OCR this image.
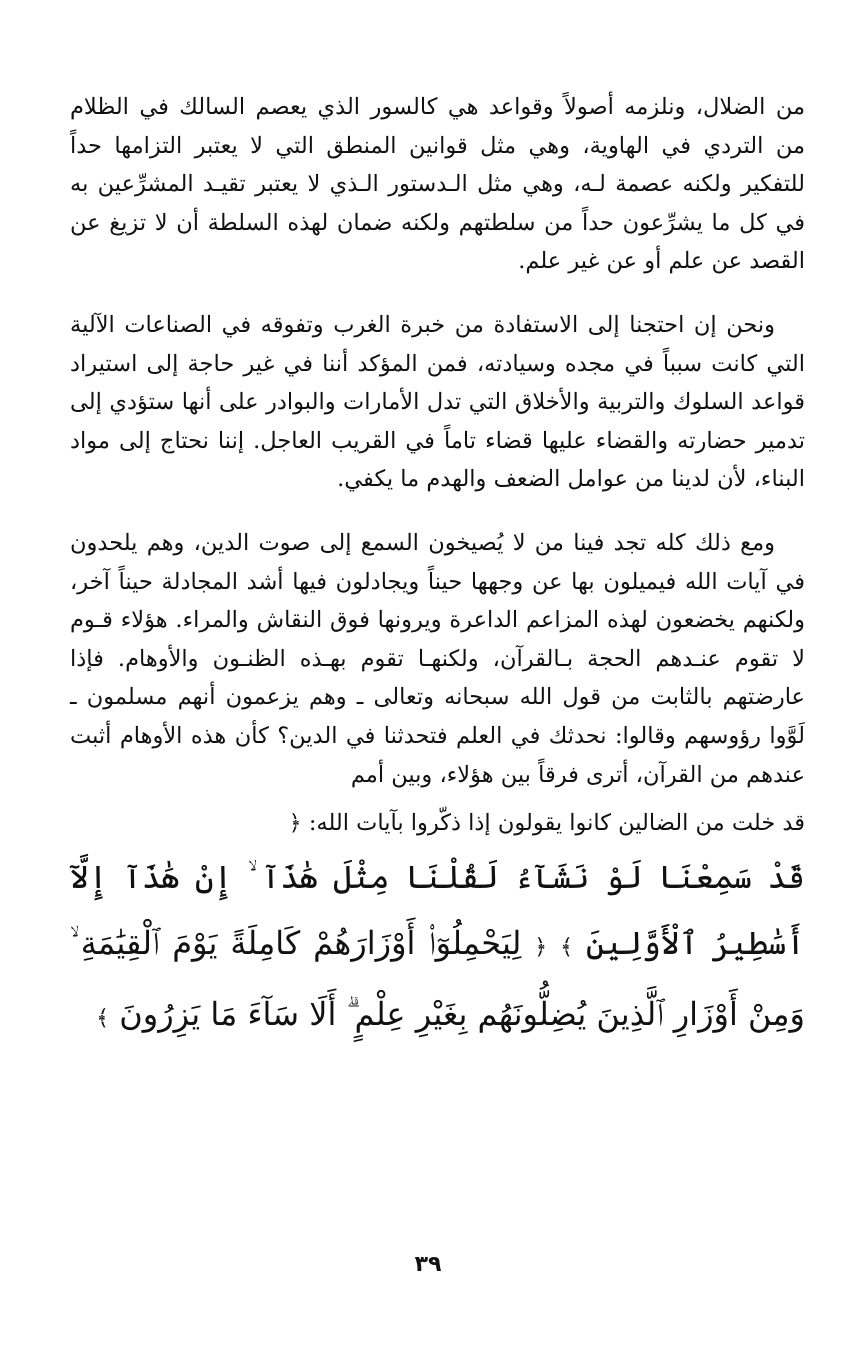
من الضلال، ونلزمه أصولاً وقواعد هي كالسور الذي يعصم السالك في الظلام من التردي في الهاوية، وهي مثل قوانين المنطق التي لا يعتبر التزامها حداً للتفكير ولكنه عصمة لـه، وهي مثل الـدستور الـذي لا يعتبر تقيـد المشرِّعين به في كل ما يشرِّعون حداً من سلطتهم ولكنه ضمان لهذه السلطة أن لا تزيغ عن القصد عن علم أو عن غير علم.

ونحن إن احتجنا إلى الاستفادة من خبرة الغرب وتفوقه في الصناعات الآلية التي كانت سبباً في مجده وسيادته، فمن المؤكد أننا في غير حاجة إلى استيراد قواعد السلوك والتربية والأخلاق التي تدل الأمارات والبوادر على أنها ستؤدي إلى تدمير حضارته والقضاء عليها قضاء تاماً في القريب العاجل. إننا نحتاج إلى مواد البناء، لأن لدينا من عوامل الضعف والهدم ما يكفي.

ومع ذلك كله تجد فينا من لا يُصيخون السمع إلى صوت الدين، وهم يلحدون في آيات الله فيميلون بها عن وجهها حيناً ويجادلون فيها أشد المجادلة حيناً آخر، ولكنهم يخضعون لهذه المزاعم الداعرة ويرونها فوق النقاش والمراء. هؤلاء قـوم لا تقوم عنـدهم الحجة بـالقرآن، ولكنهـا تقوم بهـذه الظنـون والأوهام. فإذا عارضتهم بالثابت من قول الله سبحانه وتعالى ـ وهم يزعمون أنهم مسلمون ـ لَوَّوا رؤوسهم وقالوا: نحدثك في العلم فتحدثنا في الدين؟ كأن هذه الأوهام أثبت عندهم من القرآن، أترى فرقاً بين هؤلاء، وبين أمم

قد خلت من الضالين كانوا يقولون إذا ذكّروا بآيات الله: ﴿

قَدْ سَمِعْنَا لَوْ نَشَآءُ لَقُلْنَا مِثْلَ هَٰذَآ ۙ إِنْ هَٰذَآ إِلَّآ أَسَٰطِيرُ ٱلْأَوَّلِينَ ﴾ ﴿ لِيَحْمِلُوٓا۟ أَوْزَارَهُمْ كَامِلَةً يَوْمَ ٱلْقِيَٰمَةِ ۙ وَمِنْ أَوْزَارِ ٱلَّذِينَ يُضِلُّونَهُم بِغَيْرِ عِلْمٍ ۗ أَلَا سَآءَ مَا يَزِرُونَ ﴾

٣٩
